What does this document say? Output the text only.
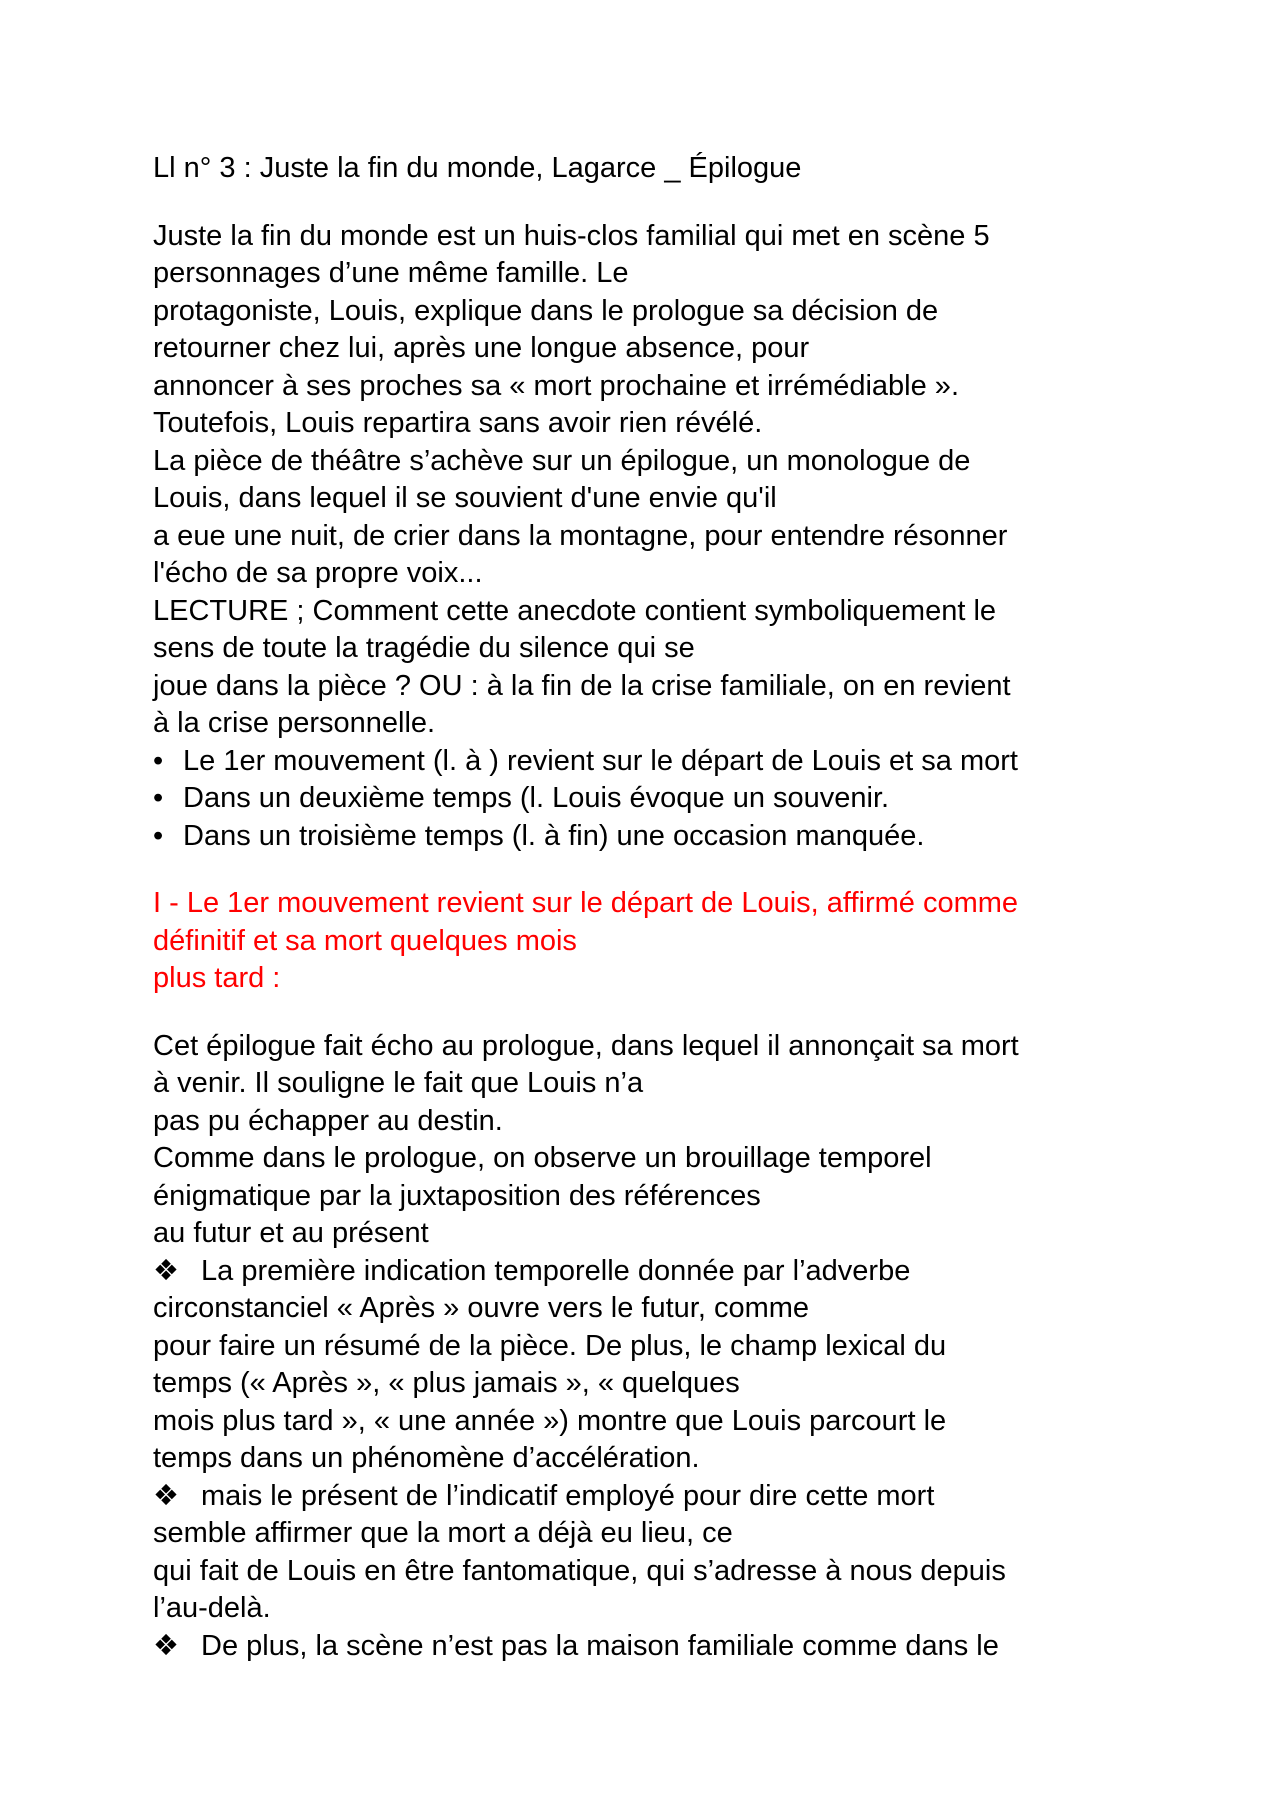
Ll n° 3 : Juste la fin du monde, Lagarce _ Épilogue
Juste la fin du monde est un huis-clos familial qui met en scène 5
personnages d’une même famille. Le
protagoniste, Louis, explique dans le prologue sa décision de
retourner chez lui, après une longue absence, pour
annoncer à ses proches sa « mort prochaine et irrémédiable ».
Toutefois, Louis repartira sans avoir rien révélé.
La pièce de théâtre s’achève sur un épilogue, un monologue de
Louis, dans lequel il se souvient d'une envie qu'il
a eue une nuit, de crier dans la montagne, pour entendre résonner
l'écho de sa propre voix...
LECTURE ; Comment cette anecdote contient symboliquement le
sens de toute la tragédie du silence qui se
joue dans la pièce ? OU : à la fin de la crise familiale, on en revient
à la crise personnelle.
• Le 1er mouvement (l. à ) revient sur le départ de Louis et sa mort
• Dans un deuxième temps (l. Louis évoque un souvenir.
• Dans un troisième temps (l. à fin) une occasion manquée.
I - Le 1er mouvement revient sur le départ de Louis, affirmé comme
définitif et sa mort quelques mois
plus tard :
Cet épilogue fait écho au prologue, dans lequel il annonçait sa mort
à venir. Il souligne le fait que Louis n’a
pas pu échapper au destin.
Comme dans le prologue, on observe un brouillage temporel
énigmatique par la juxtaposition des références
au futur et au présent
❖ La première indication temporelle donnée par l’adverbe
circonstanciel « Après » ouvre vers le futur, comme
pour faire un résumé de la pièce. De plus, le champ lexical du
temps (« Après », « plus jamais », « quelques
mois plus tard », « une année ») montre que Louis parcourt le
temps dans un phénomène d’accélération.
❖ mais le présent de l’indicatif employé pour dire cette mort
semble affirmer que la mort a déjà eu lieu, ce
qui fait de Louis en être fantomatique, qui s’adresse à nous depuis
l’au-delà.
❖ De plus, la scène n’est pas la maison familiale comme dans le
